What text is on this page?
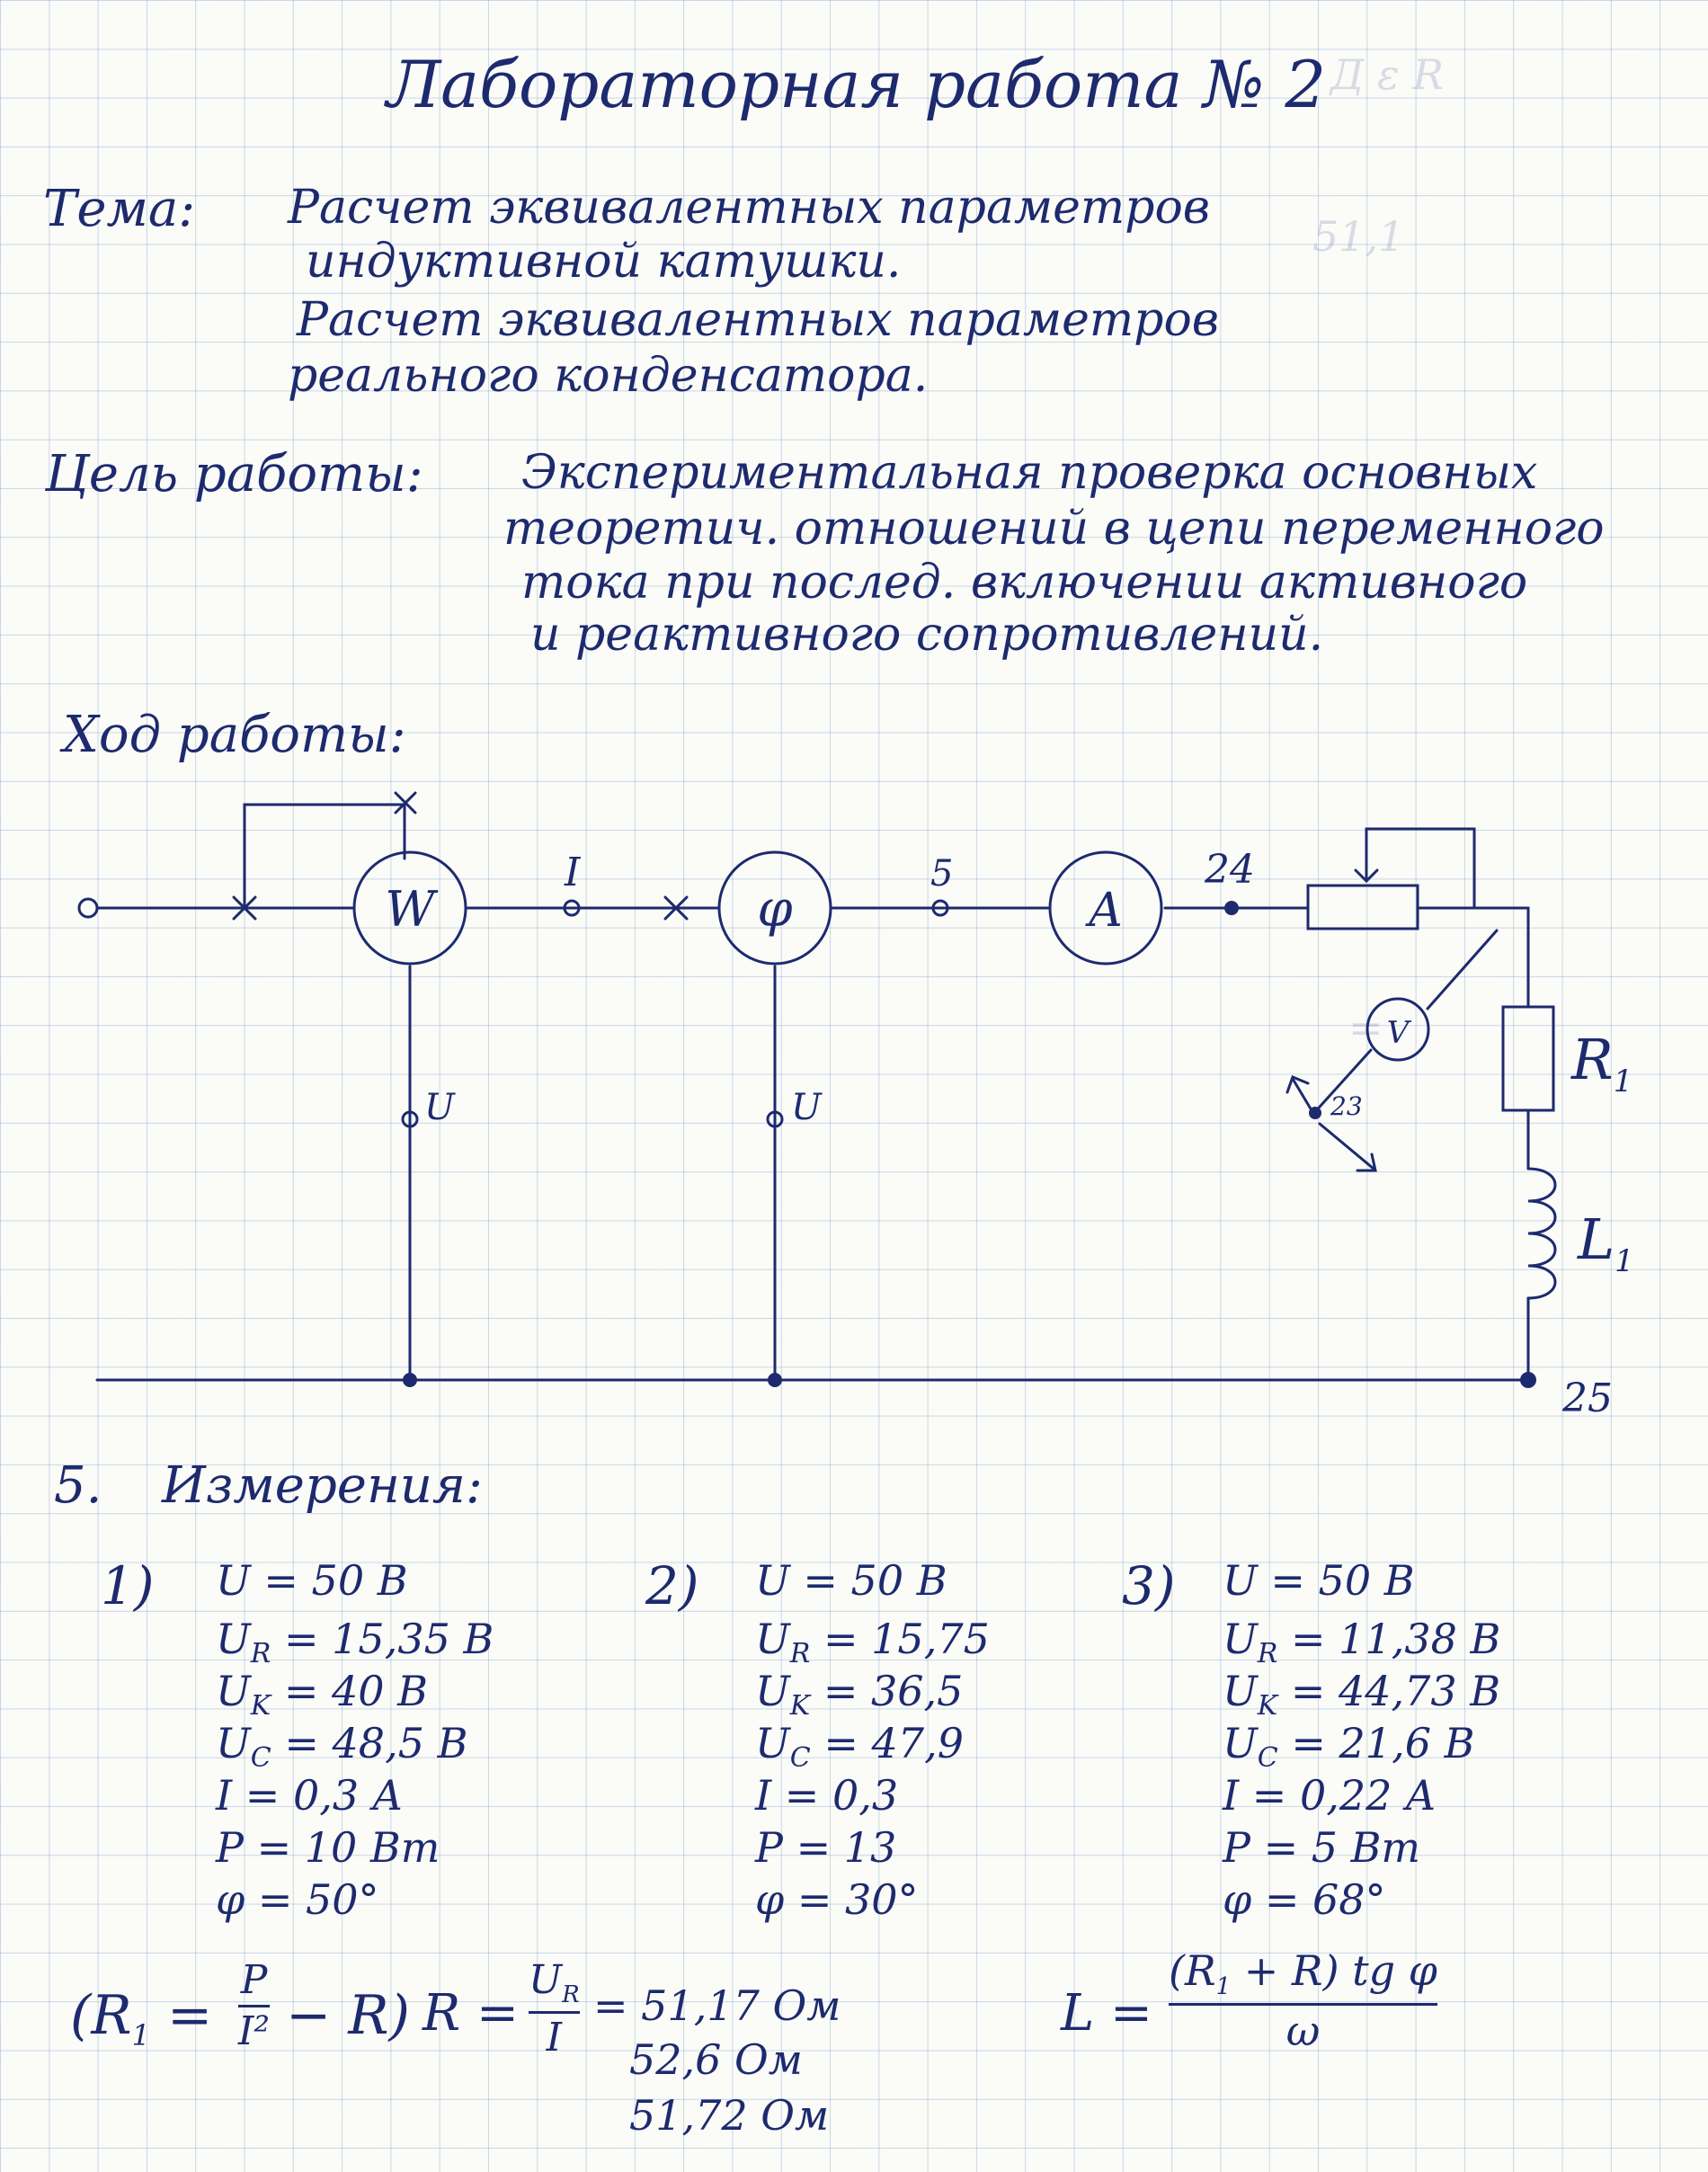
Лабораторная работа № 2
Тема: Расчет эквивалентных параметров
индуктивной катушки.
Расчет эквивалентных параметров
реального конденсатора.
Цель работы: Экспериментальная проверка основных
теоретич. отношений в цепи переменного
тока при послед. включении активного
и реактивного сопротивлений.
Ход работы:
Д ε R
51,1
=
W	φ	A
V
I	5	24
23
25
U	U
$R_1$
$L_1$
5. Измерения:
1) U = 50 В
$U_R = 15,35$ В
$U_K = 40$ В
$U_C = 48,5$ В
I = 0,3 А
P = 10 Вт
φ = 50°
2) U = 50 В
$U_R = 15,75$
$U_K = 36,5$
$U_C = 47,9$
I = 0,3
P = 13
φ = 30°
3) U = 50 В
$U_R = 11,38$ В
$U_K = 44,73$ В
$U_C = 21,6$ В
I = 0,22 А
P = 5 Вт
φ = 68°
($R_1$ =
P
I² − R) R =
$U_R$
I
= 51,17 Ом
52,6 Ом
51,72 Ом
L =
$(R_1 + R)$ tg φ
ω
